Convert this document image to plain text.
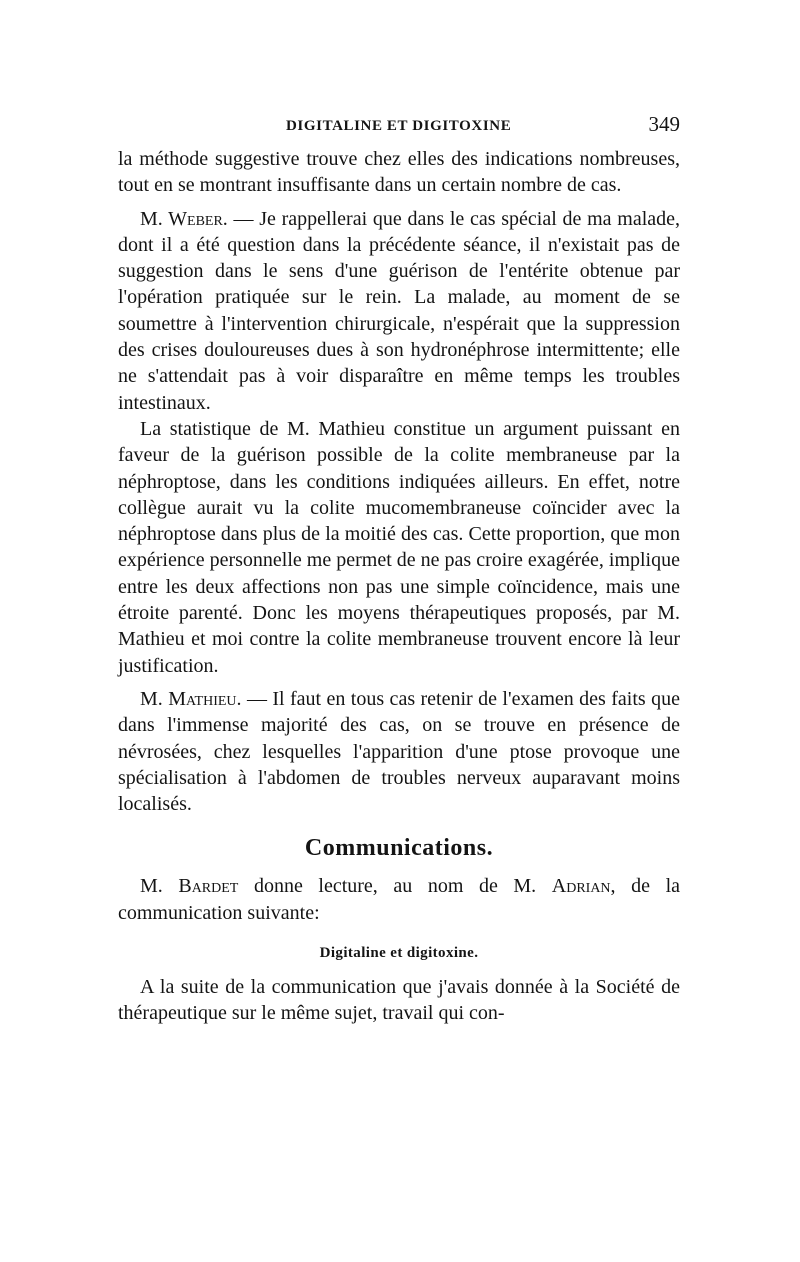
DIGITALINE ET DIGITOXINE	349

la méthode suggestive trouve chez elles des indications nombreuses, tout en se montrant insuffisante dans un certain nombre de cas.

M. Weber. — Je rappellerai que dans le cas spécial de ma malade, dont il a été question dans la précédente séance, il n'existait pas de suggestion dans le sens d'une guérison de l'entérite obtenue par l'opération pratiquée sur le rein. La malade, au moment de se soumettre à l'intervention chirurgicale, n'espérait que la suppression des crises douloureuses dues à son hydronéphrose intermittente; elle ne s'attendait pas à voir disparaître en même temps les troubles intestinaux.

La statistique de M. Mathieu constitue un argument puissant en faveur de la guérison possible de la colite membraneuse par la néphroptose, dans les conditions indiquées ailleurs. En effet, notre collègue aurait vu la colite mucomembraneuse coïncider avec la néphroptose dans plus de la moitié des cas. Cette proportion, que mon expérience personnelle me permet de ne pas croire exagérée, implique entre les deux affections non pas une simple coïncidence, mais une étroite parenté. Donc les moyens thérapeutiques proposés, par M. Mathieu et moi contre la colite membraneuse trouvent encore là leur justification.

M. Mathieu. — Il faut en tous cas retenir de l'examen des faits que dans l'immense majorité des cas, on se trouve en présence de névrosées, chez lesquelles l'apparition d'une ptose provoque une spécialisation à l'abdomen de troubles nerveux auparavant moins localisés.

Communications.

M. Bardet donne lecture, au nom de M. Adrian, de la communication suivante:

Digitaline et digitoxine.

A la suite de la communication que j'avais donnée à la Société de thérapeutique sur le même sujet, travail qui con-
